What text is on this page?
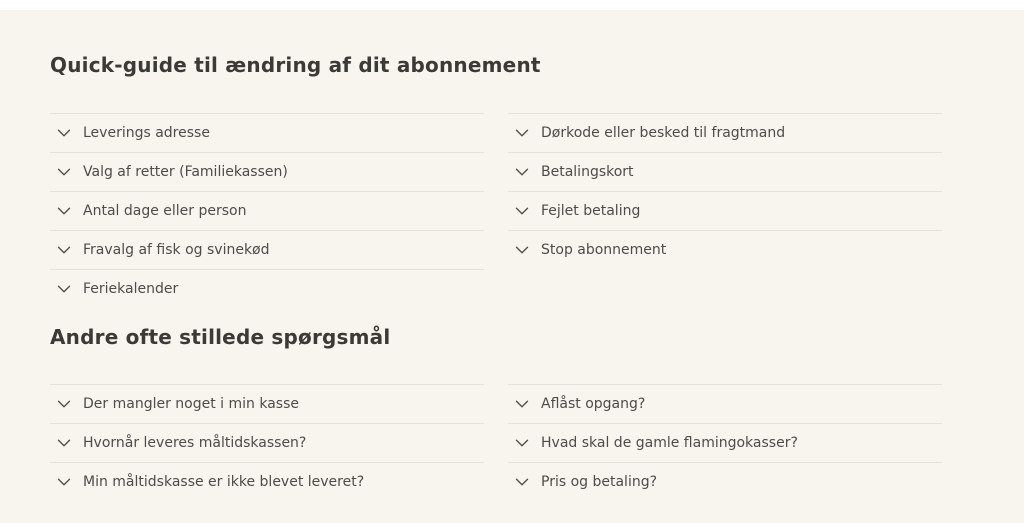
Quick-guide til ændring af dit abonnement
Leverings adresse
Valg af retter (Familiekassen)
Antal dage eller person
Fravalg af fisk og svinekød
Feriekalender
Dørkode eller besked til fragtmand
Betalingskort
Fejlet betaling
Stop abonnement
Andre ofte stillede spørgsmål
Der mangler noget i min kasse
Hvornår leveres måltidskassen?
Min måltidskasse er ikke blevet leveret?
Aflåst opgang?
Hvad skal de gamle flamingokasser?
Pris og betaling?
